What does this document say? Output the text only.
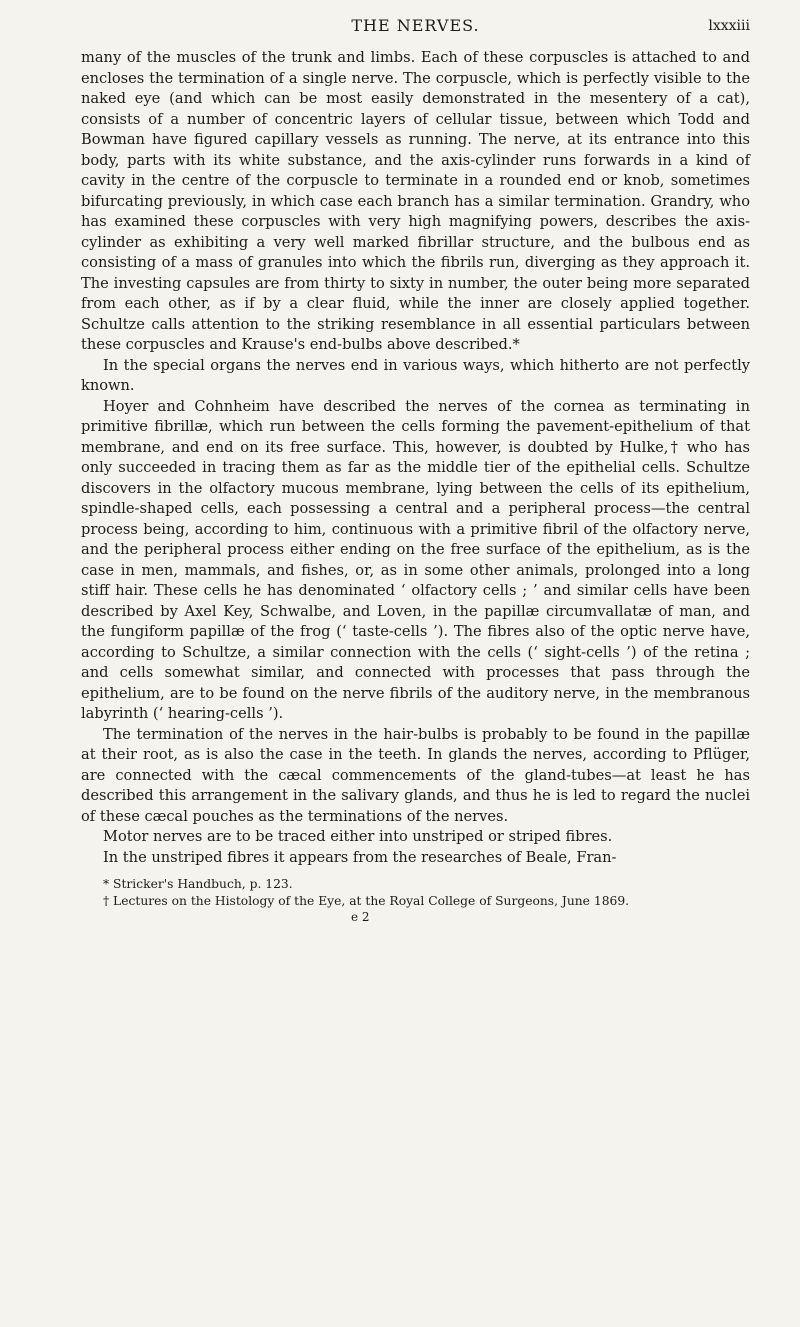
THE NERVES.	lxxxiii

many of the muscles of the trunk and limbs. Each of these corpuscles is attached to and encloses the termination of a single nerve. The corpuscle, which is perfectly visible to the naked eye (and which can be most easily demonstrated in the mesentery of a cat), consists of a number of concentric layers of cellular tissue, between which Todd and Bowman have figured capillary vessels as running. The nerve, at its entrance into this body, parts with its white substance, and the axis-cylinder runs forwards in a kind of cavity in the centre of the corpuscle to terminate in a rounded end or knob, sometimes bifurcating previously, in which case each branch has a similar termination. Grandry, who has examined these corpuscles with very high magnifying powers, describes the axis-cylinder as exhibiting a very well marked fibrillar structure, and the bulbous end as consisting of a mass of granules into which the fibrils run, diverging as they approach it. The investing capsules are from thirty to sixty in number, the outer being more separated from each other, as if by a clear fluid, while the inner are closely applied together. Schultze calls attention to the striking resemblance in all essential particulars between these corpuscles and Krause's end-bulbs above described.*

In the special organs the nerves end in various ways, which hitherto are not perfectly known.

Hoyer and Cohnheim have described the nerves of the cornea as terminating in primitive fibrillæ, which run between the cells forming the pavement-epithelium of that membrane, and end on its free surface. This, however, is doubted by Hulke,† who has only succeeded in tracing them as far as the middle tier of the epithelial cells. Schultze discovers in the olfactory mucous membrane, lying between the cells of its epithelium, spindle-shaped cells, each possessing a central and a peripheral process—the central process being, according to him, continuous with a primitive fibril of the olfactory nerve, and the peripheral process either ending on the free surface of the epithelium, as is the case in men, mammals, and fishes, or, as in some other animals, prolonged into a long stiff hair. These cells he has denominated ‘ olfactory cells ; ’ and similar cells have been described by Axel Key, Schwalbe, and Loven, in the papillæ circumvallatæ of man, and the fungiform papillæ of the frog (‘ taste-cells ’). The fibres also of the optic nerve have, according to Schultze, a similar connection with the cells (‘ sight-cells ’) of the retina ; and cells somewhat similar, and connected with processes that pass through the epithelium, are to be found on the nerve fibrils of the auditory nerve, in the membranous labyrinth (‘ hearing-cells ’).

The termination of the nerves in the hair-bulbs is probably to be found in the papillæ at their root, as is also the case in the teeth. In glands the nerves, according to Pflüger, are connected with the cæcal commencements of the gland-tubes—at least he has described this arrangement in the salivary glands, and thus he is led to regard the nuclei of these cæcal pouches as the terminations of the nerves.

Motor nerves are to be traced either into unstriped or striped fibres.

In the unstriped fibres it appears from the researches of Beale, Fran-

* Stricker's Handbuch, p. 123.

† Lectures on the Histology of the Eye, at the Royal College of Surgeons, June 1869.

e 2
